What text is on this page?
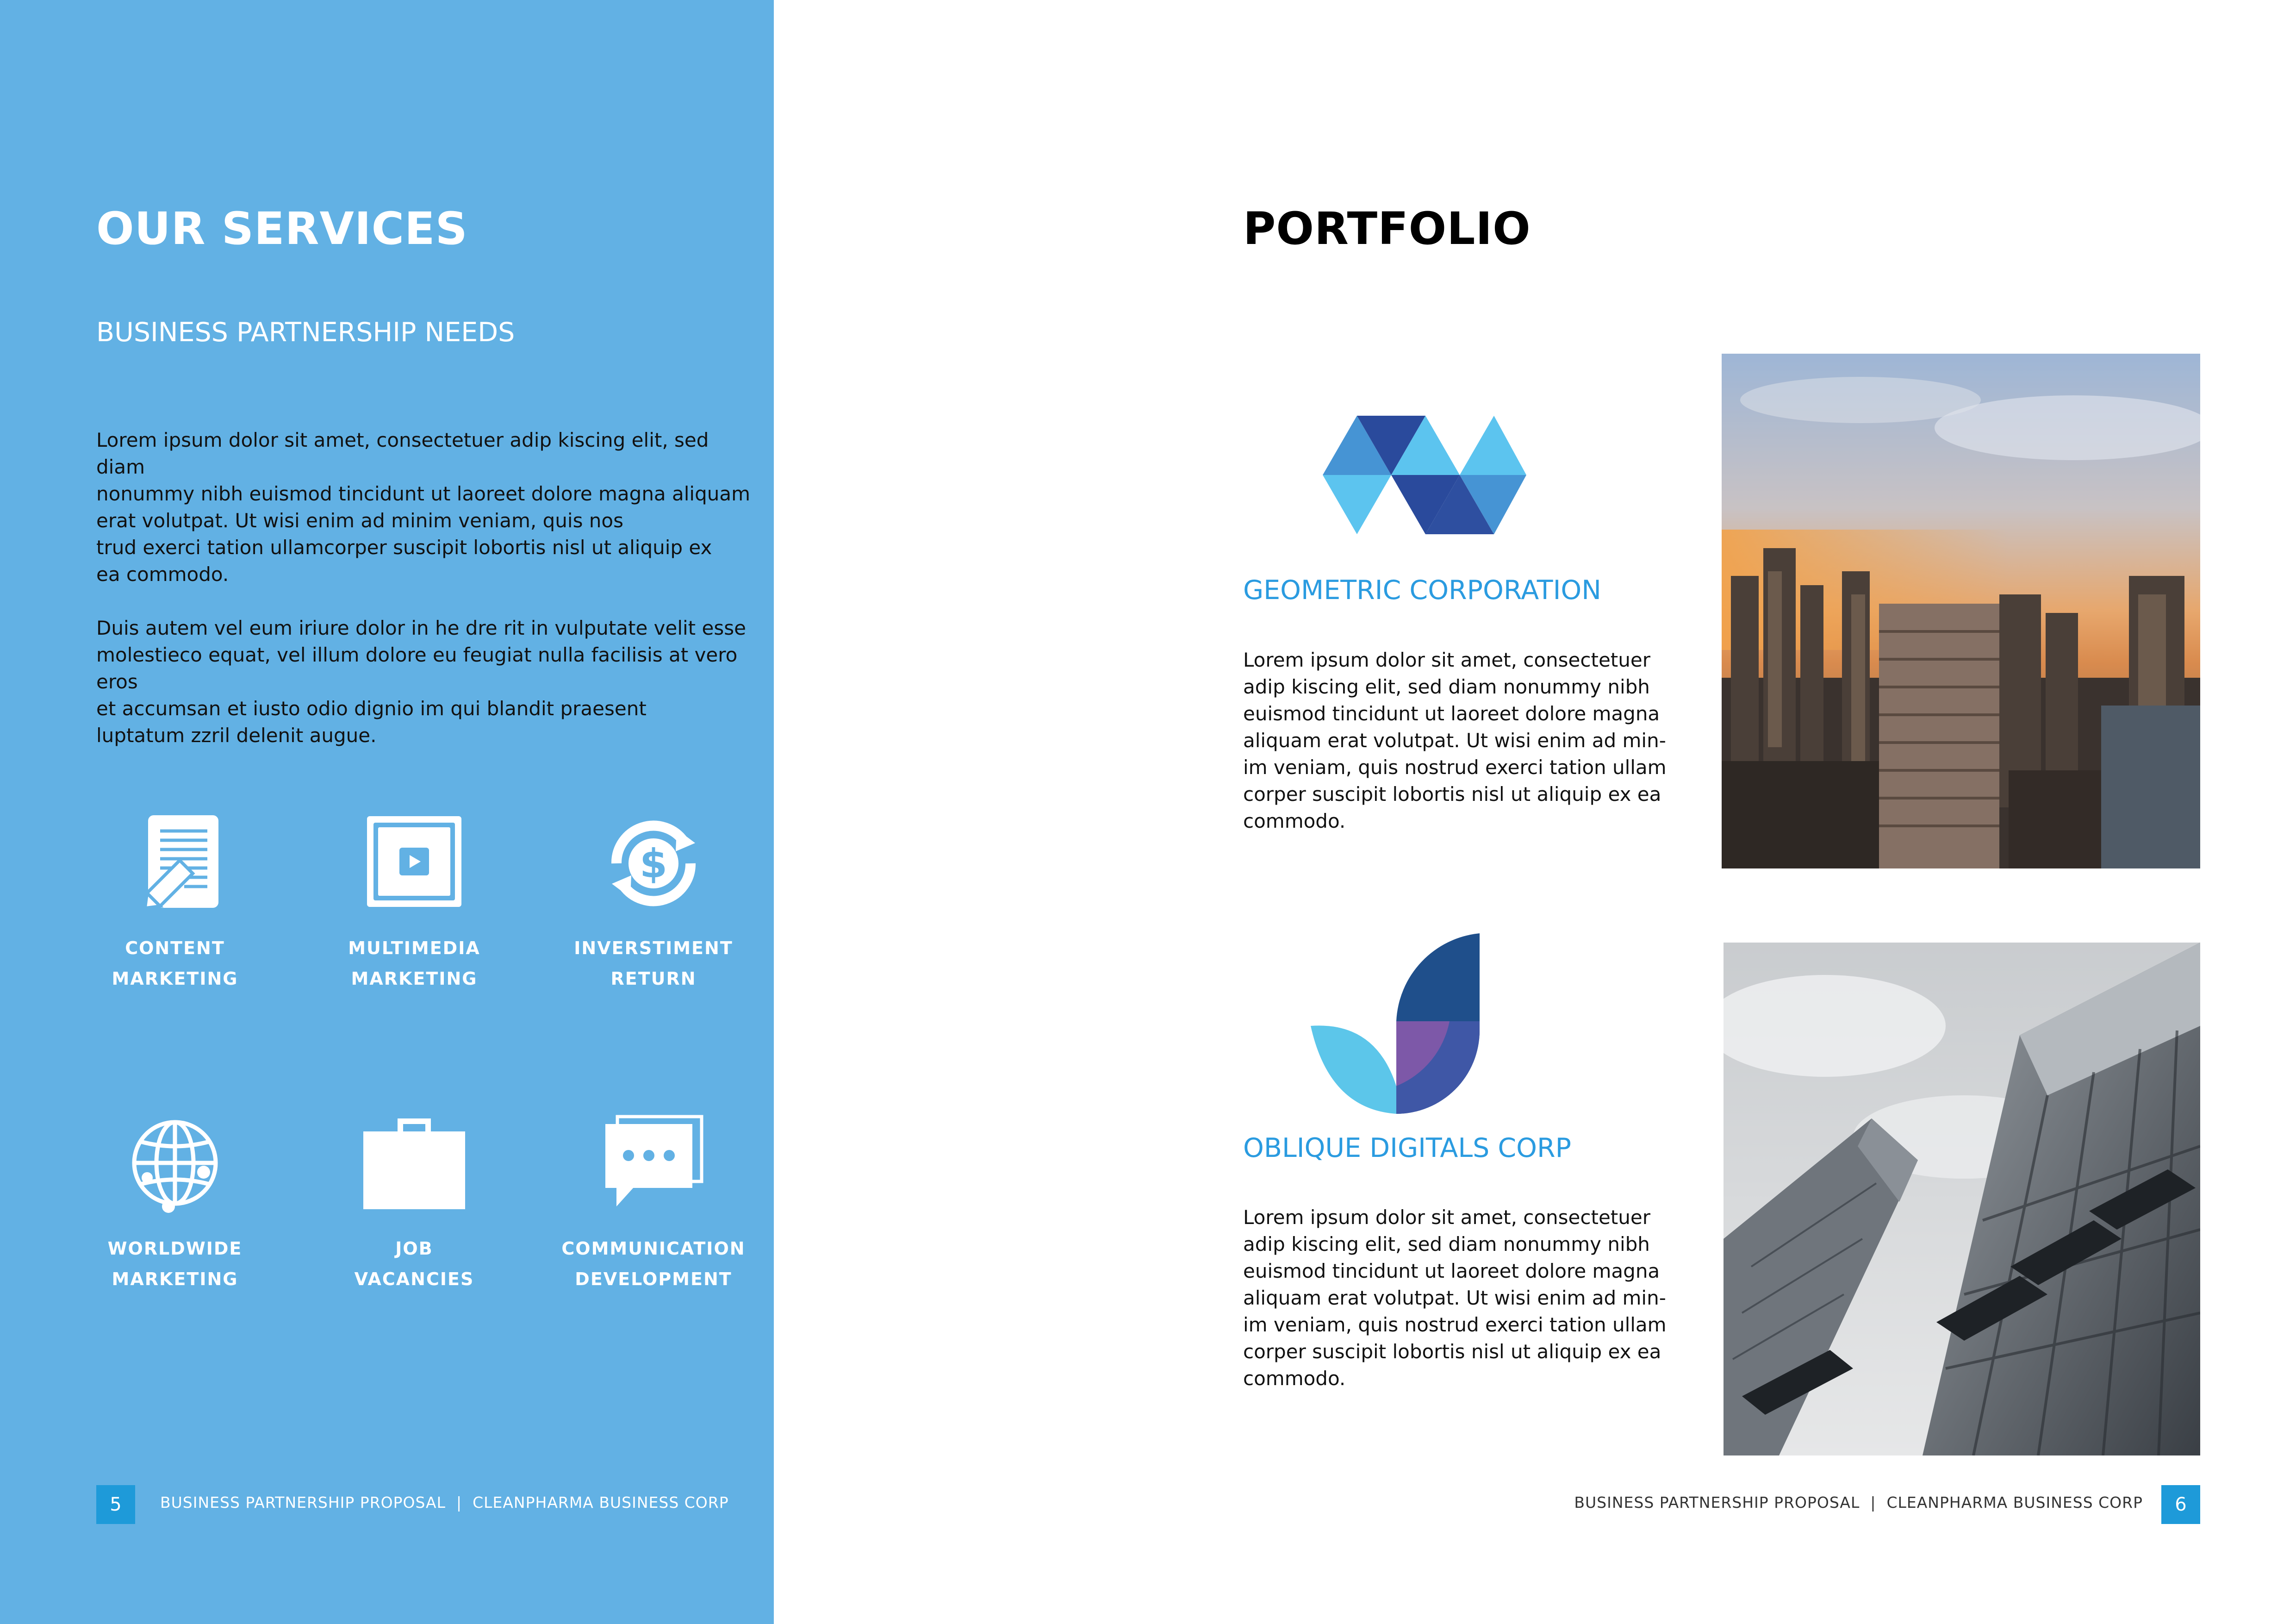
OUR SERVICES
BUSINESS PARTNERSHIP NEEDS

Lorem ipsum dolor sit amet, consectetuer adip kiscing elit, sed diam
nonummy nibh euismod tincidunt ut laoreet dolore magna aliquam
erat volutpat. Ut wisi enim ad minim veniam, quis nos
trud exerci tation ullamcorper suscipit lobortis nisl ut aliquip ex
ea commodo.

Duis autem vel eum iriure dolor in he dre rit in vulputate velit esse
molestieco equat, vel illum dolore eu feugiat nulla facilisis at vero eros
et accumsan et iusto odio dignio im qui blandit praesent
luptatum zzril delenit augue.

CONTENT
MARKETING
MULTIMEDIA
MARKETING
$
INVERSTIMENT
RETURN
WORLDWIDE
MARKETING
JOB
VACANCIES
COMMUNICATION
DEVELOPMENT
5	BUSINESS PARTNERSHIP PROPOSAL  |  CLEANPHARMA BUSINESS CORP
PORTFOLIO
GEOMETRIC CORPORATION
Lorem ipsum dolor sit amet, consectetuer
adip kiscing elit, sed diam nonummy nibh
euismod tincidunt ut laoreet dolore magna
aliquam erat volutpat. Ut wisi enim ad min-
im veniam, quis nostrud exerci tation ullam
corper suscipit lobortis nisl ut aliquip ex ea
commodo.
OBLIQUE DIGITALS CORP
Lorem ipsum dolor sit amet, consectetuer
adip kiscing elit, sed diam nonummy nibh
euismod tincidunt ut laoreet dolore magna
aliquam erat volutpat. Ut wisi enim ad min-
im veniam, quis nostrud exerci tation ullam
corper suscipit lobortis nisl ut aliquip ex ea
commodo.
BUSINESS PARTNERSHIP PROPOSAL  |  CLEANPHARMA BUSINESS CORP	6
